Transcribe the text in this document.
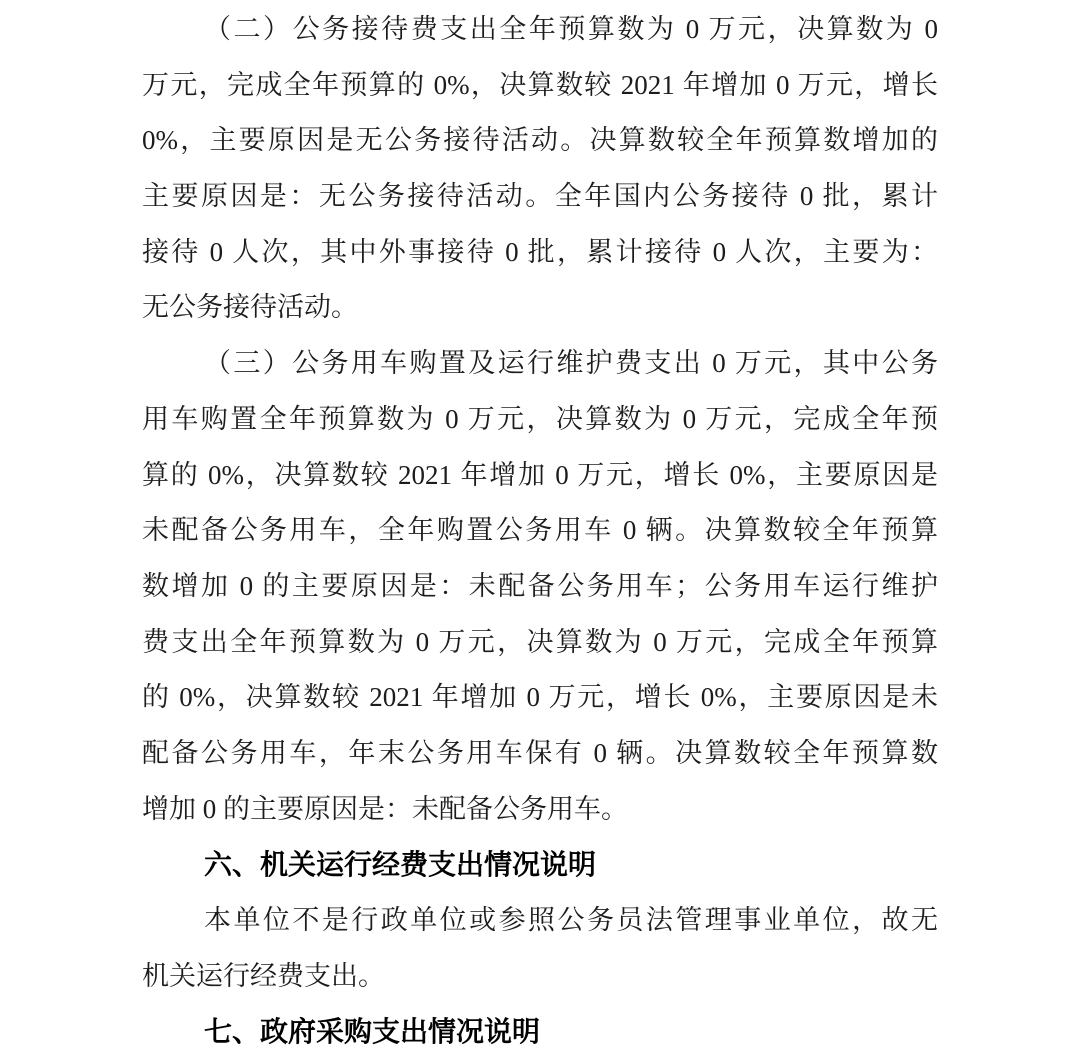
（二）公务接待费支出全年预算数为 0 万元，决算数为 0
万元，完成全年预算的 0%，决算数较 2021 年增加 0 万元，增长
0%，主要原因是无公务接待活动。决算数较全年预算数增加的
主要原因是：无公务接待活动。全年国内公务接待 0 批，累计
接待 0 人次，其中外事接待 0 批，累计接待 0 人次，主要为：
无公务接待活动。
（三）公务用车购置及运行维护费支出 0 万元，其中公务
用车购置全年预算数为 0 万元，决算数为 0 万元，完成全年预
算的 0%，决算数较 2021 年增加 0 万元，增长 0%，主要原因是
未配备公务用车，全年购置公务用车 0 辆。决算数较全年预算
数增加 0 的主要原因是：未配备公务用车；公务用车运行维护
费支出全年预算数为 0 万元，决算数为 0 万元，完成全年预算
的 0%，决算数较 2021 年增加 0 万元，增长 0%，主要原因是未
配备公务用车，年末公务用车保有 0 辆。决算数较全年预算数
增加 0 的主要原因是：未配备公务用车。
六、机关运行经费支出情况说明
本单位不是行政单位或参照公务员法管理事业单位，故无
机关运行经费支出。
七、政府采购支出情况说明
